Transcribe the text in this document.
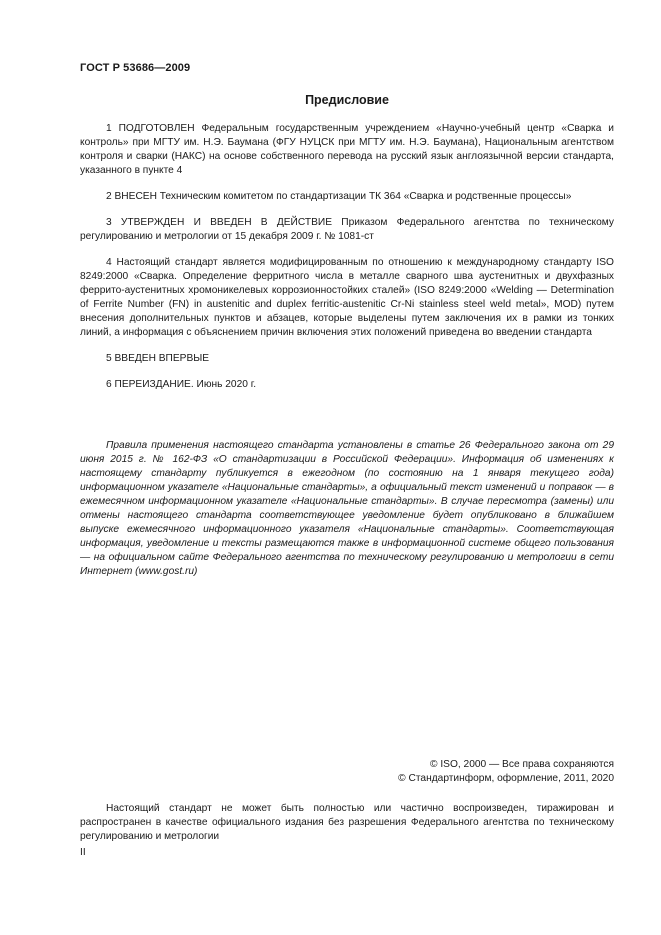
ГОСТ Р 53686—2009
Предисловие

1 ПОДГОТОВЛЕН Федеральным государственным учреждением «Научно-учебный центр «Сварка и контроль» при МГТУ им. Н.Э. Баумана (ФГУ НУЦСК при МГТУ им. Н.Э. Баумана), Национальным агентством контроля и сварки (НАКС) на основе собственного перевода на русский язык англоязычной версии стандарта, указанного в пункте 4

2 ВНЕСЕН Техническим комитетом по стандартизации ТК 364 «Сварка и родственные процессы»

3 УТВЕРЖДЕН И ВВЕДЕН В ДЕЙСТВИЕ Приказом Федерального агентства по техническому регулированию и метрологии от 15 декабря 2009 г. № 1081-ст

4 Настоящий стандарт является модифицированным по отношению к международному стандарту ISO 8249:2000 «Сварка. Определение ферритного числа в металле сварного шва аустенитных и двухфазных феррито-аустенитных хромоникелевых коррозионностойких сталей» (ISO 8249:2000 «Welding — Determination of Ferrite Number (FN) in austenitic and duplex ferritic-austenitic Cr-Ni stainless steel weld metal», MOD) путем внесения дополнительных пунктов и абзацев, которые выделены путем заключения их в рамки из тонких линий, а информация с объяснением причин включения этих положений приведена во введении стандарта

5 ВВЕДЕН ВПЕРВЫЕ

6 ПЕРЕИЗДАНИЕ. Июнь 2020 г.

Правила применения настоящего стандарта установлены в статье 26 Федерального закона от 29 июня 2015 г. № 162-ФЗ «О стандартизации в Российской Федерации». Информация об изменениях к настоящему стандарту публикуется в ежегодном (по состоянию на 1 января текущего года) информационном указателе «Национальные стандарты», а официальный текст изменений и поправок — в ежемесячном информационном указателе «Национальные стандарты». В случае пересмотра (замены) или отмены настоящего стандарта соответствующее уведомление будет опубликовано в ближайшем выпуске ежемесячного информационного указателя «Национальные стандарты». Соответствующая информация, уведомление и тексты размещаются также в информационной системе общего пользования — на официальном сайте Федерального агентства по техническому регулированию и метрологии в сети Интернет (www.gost.ru)

© ISO, 2000 — Все права сохраняются
© Стандартинформ, оформление, 2011, 2020

Настоящий стандарт не может быть полностью или частично воспроизведен, тиражирован и распространен в качестве официального издания без разрешения Федерального агентства по техническому регулированию и метрологии

II
